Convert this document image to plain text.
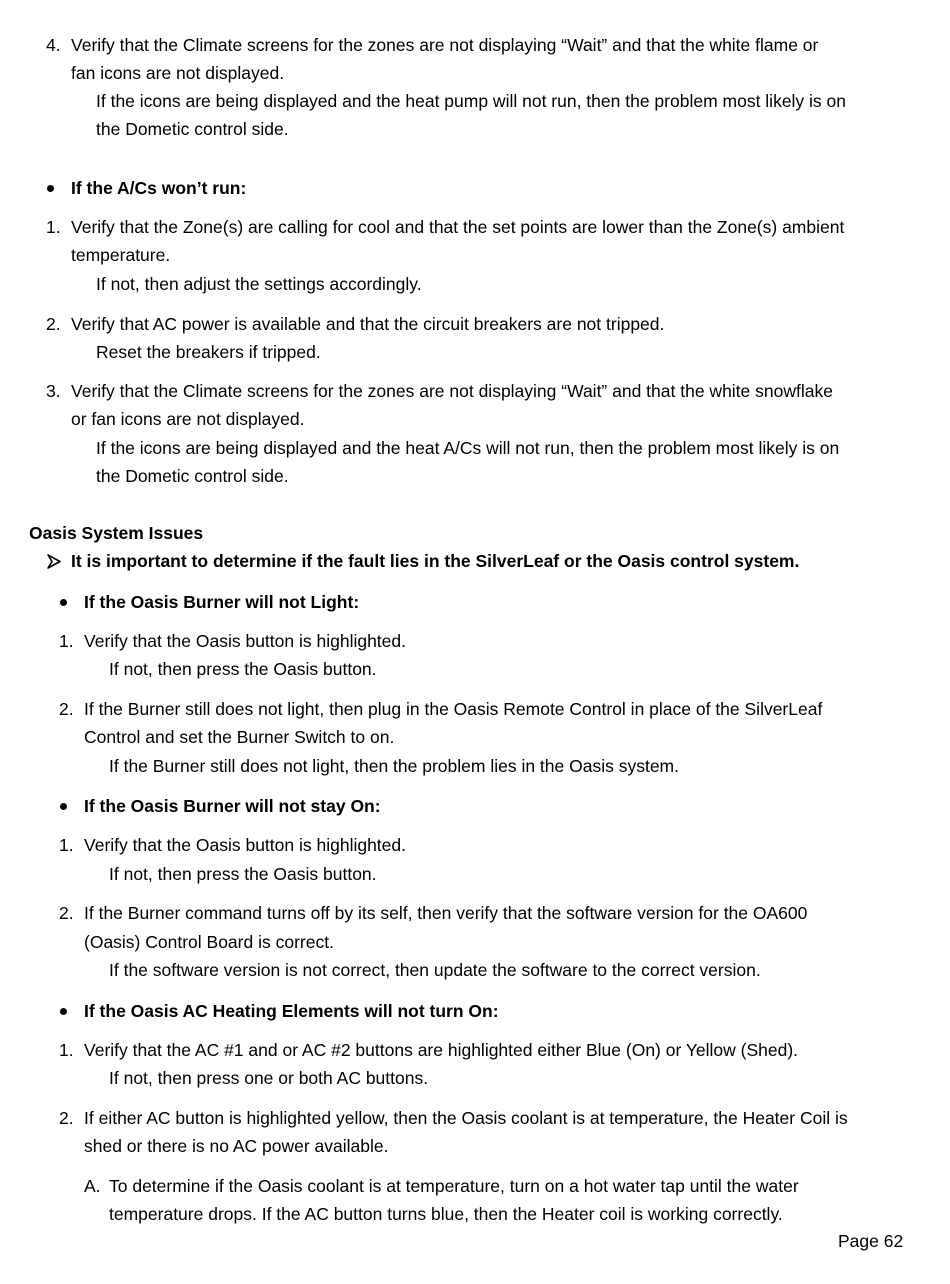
4. Verify that the Climate screens for the zones are not displaying “Wait” and that the white flame or
fan icons are not displayed.
If the icons are being displayed and the heat pump will not run, then the problem most likely is on
the Dometic control side.
If the A/Cs won’t run:
1. Verify that the Zone(s) are calling for cool and that the set points are lower than the Zone(s) ambient
temperature.
If not, then adjust the settings accordingly.
2. Verify that AC power is available and that the circuit breakers are not tripped.
Reset the breakers if tripped.
3. Verify that the Climate screens for the zones are not displaying “Wait” and that the white snowflake
or fan icons are not displayed.
If the icons are being displayed and the heat A/Cs will not run, then the problem most likely is on
the Dometic control side.
Oasis System Issues
It is important to determine if the fault lies in the SilverLeaf or the Oasis control system.
If the Oasis Burner will not Light:
1. Verify that the Oasis button is highlighted.
If not, then press the Oasis button.
2. If the Burner still does not light, then plug in the Oasis Remote Control in place of the SilverLeaf
Control and set the Burner Switch to on.
If the Burner still does not light, then the problem lies in the Oasis system.
If the Oasis Burner will not stay On:
1. Verify that the Oasis button is highlighted.
If not, then press the Oasis button.
2. If the Burner command turns off by its self, then verify that the software version for the OA600
(Oasis) Control Board is correct.
If the software version is not correct, then update the software to the correct version.
If the Oasis AC Heating Elements will not turn On:
1. Verify that the AC #1 and or AC #2 buttons are highlighted either Blue (On) or Yellow (Shed).
If not, then press one or both AC buttons.
2. If either AC button is highlighted yellow, then the Oasis coolant is at temperature, the Heater Coil is
shed or there is no AC power available.
A. To determine if the Oasis coolant is at temperature, turn on a hot water tap until the water
temperature drops. If the AC button turns blue, then the Heater coil is working correctly.
Page 62
